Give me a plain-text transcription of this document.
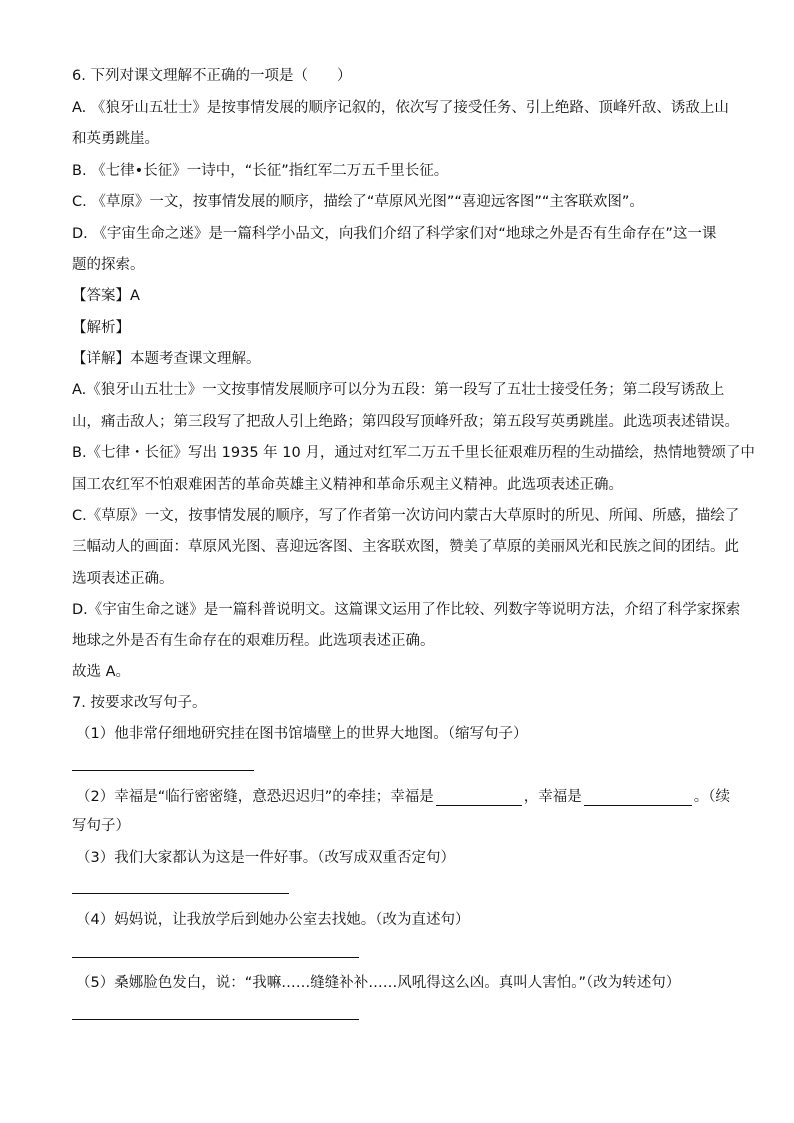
6. 下列对课文理解不正确的一项是（　　）
A. 《狼牙山五壮士》是按事情发展的顺序记叙的，依次写了接受任务、引上绝路、顶峰歼敌、诱敌上山
和英勇跳崖。
B. 《七律•长征》一诗中，“长征”指红军二万五千里长征。
C. 《草原》一文，按事情发展的顺序，描绘了“草原风光图”“喜迎远客图”“主客联欢图”。
D. 《宇宙生命之迷》是一篇科学小品文，向我们介绍了科学家们对“地球之外是否有生命存在”这一课
题的探索。
【答案】A
【解析】
【详解】本题考查课文理解。
A.《狼牙山五壮士》一文按事情发展顺序可以分为五段：第一段写了五壮士接受任务；第二段写诱敌上
山，痛击敌人；第三段写了把敌人引上绝路；第四段写顶峰歼敌；第五段写英勇跳崖。此选项表述错误。
B.《七律・长征》写出 1935 年 10 月，通过对红军二万五千里长征艰难历程的生动描绘，热情地赞颂了中
国工农红军不怕艰难困苦的革命英雄主义精神和革命乐观主义精神。此选项表述正确。
C.《草原》一文，按事情发展的顺序，写了作者第一次访问内蒙古大草原时的所见、所闻、所感，描绘了
三幅动人的画面：草原风光图、喜迎远客图、主客联欢图，赞美了草原的美丽风光和民族之间的团结。此
选项表述正确。
D.《宇宙生命之谜》是一篇科普说明文。这篇课文运用了作比较、列数字等说明方法，介绍了科学家探索
地球之外是否有生命存在的艰难历程。此选项表述正确。
故选 A。
7. 按要求改写句子。
（1）他非常仔细地研究挂在图书馆墙壁上的世界大地图。（缩写句子）
（2）幸福是“临行密密缝，意恐迟迟归”的牵挂；幸福是	，幸福是	。（续
写句子）
（3）我们大家都认为这是一件好事。（改写成双重否定句）
（4）妈妈说，让我放学后到她办公室去找她。（改为直述句）
（5）桑娜脸色发白，说：“我嘛……缝缝补补……风吼得这么凶。真叫人害怕。”（改为转述句）
